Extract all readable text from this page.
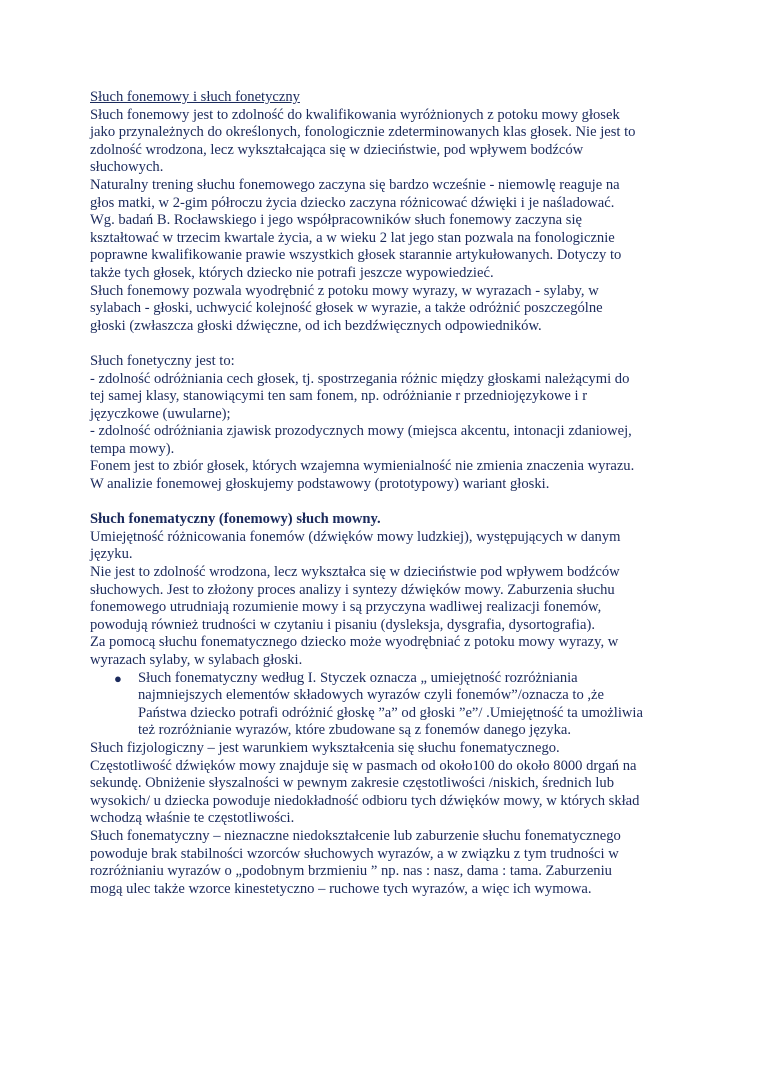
Słuch fonemowy i słuch fonetyczny
Słuch fonemowy jest to zdolność do kwalifikowania wyróżnionych z potoku mowy głosek
jako przynależnych do określonych, fonologicznie zdeterminowanych klas głosek. Nie jest to
zdolność wrodzona, lecz wykształcająca się w dzieciństwie, pod wpływem bodźców
słuchowych.
Naturalny trening słuchu fonemowego zaczyna się bardzo wcześnie - niemowlę reaguje na
głos matki, w 2-gim półroczu życia dziecko zaczyna różnicować dźwięki i je naśladować.
Wg. badań B. Rocławskiego i jego współpracowników słuch fonemowy zaczyna się
kształtować w trzecim kwartale życia, a w wieku 2 lat jego stan pozwala na fonologicznie
poprawne kwalifikowanie prawie wszystkich głosek starannie artykułowanych. Dotyczy to
także tych głosek, których dziecko nie potrafi jeszcze wypowiedzieć.
Słuch fonemowy pozwala wyodrębnić z potoku mowy wyrazy, w wyrazach - sylaby, w
sylabach - głoski, uchwycić kolejność głosek w wyrazie, a także odróżnić poszczególne
głoski (zwłaszcza głoski dźwięczne, od ich bezdźwięcznych odpowiedników.
Słuch fonetyczny jest to:
- zdolność odróżniania cech głosek, tj. spostrzegania różnic między głoskami należącymi do
tej samej klasy, stanowiącymi ten sam fonem, np. odróżnianie r przedniojęzykowe i r
języczkowe (uwularne);
- zdolność odróżniania zjawisk prozodycznych mowy (miejsca akcentu, intonacji zdaniowej,
tempa mowy).
Fonem jest to zbiór głosek, których wzajemna wymienialność nie zmienia znaczenia wyrazu.
W analizie fonemowej głoskujemy podstawowy (prototypowy) wariant głoski.
Słuch fonematyczny (fonemowy) słuch mowny.
Umiejętność różnicowania fonemów (dźwięków mowy ludzkiej), występujących w danym
języku.
Nie jest to zdolność wrodzona, lecz wykształca się w dzieciństwie pod wpływem bodźców
słuchowych. Jest to złożony proces analizy i syntezy dźwięków mowy. Zaburzenia słuchu
fonemowego utrudniają rozumienie mowy i są przyczyna wadliwej realizacji fonemów,
powodują również trudności w czytaniu i pisaniu (dysleksja, dysgrafia, dysortografia).
Za pomocą słuchu fonematycznego dziecko może wyodrębniać z potoku mowy wyrazy, w
wyrazach sylaby, w sylabach głoski.
● Słuch fonematyczny według I. Styczek oznacza „ umiejętność rozróżniania
najmniejszych elementów składowych wyrazów czyli fonemów”/oznacza to ,że
Państwa dziecko potrafi odróżnić głoskę ”a” od głoski ”e”/ .Umiejętność ta umożliwia
też rozróżnianie wyrazów, które zbudowane są z fonemów danego języka.
Słuch fizjologiczny – jest warunkiem wykształcenia się słuchu fonematycznego.
Częstotliwość dźwięków mowy znajduje się w pasmach od około100 do około 8000 drgań na
sekundę. Obniżenie słyszalności w pewnym zakresie częstotliwości /niskich, średnich lub
wysokich/ u dziecka powoduje niedokładność odbioru tych dźwięków mowy, w których skład
wchodzą właśnie te częstotliwości.
Słuch fonematyczny – nieznaczne niedokształcenie lub zaburzenie słuchu fonematycznego
powoduje brak stabilności wzorców słuchowych wyrazów, a w związku z tym trudności w
rozróżnianiu wyrazów o „podobnym brzmieniu ” np. nas : nasz, dama : tama. Zaburzeniu
mogą ulec także wzorce kinestetyczno – ruchowe tych wyrazów, a więc ich wymowa.
